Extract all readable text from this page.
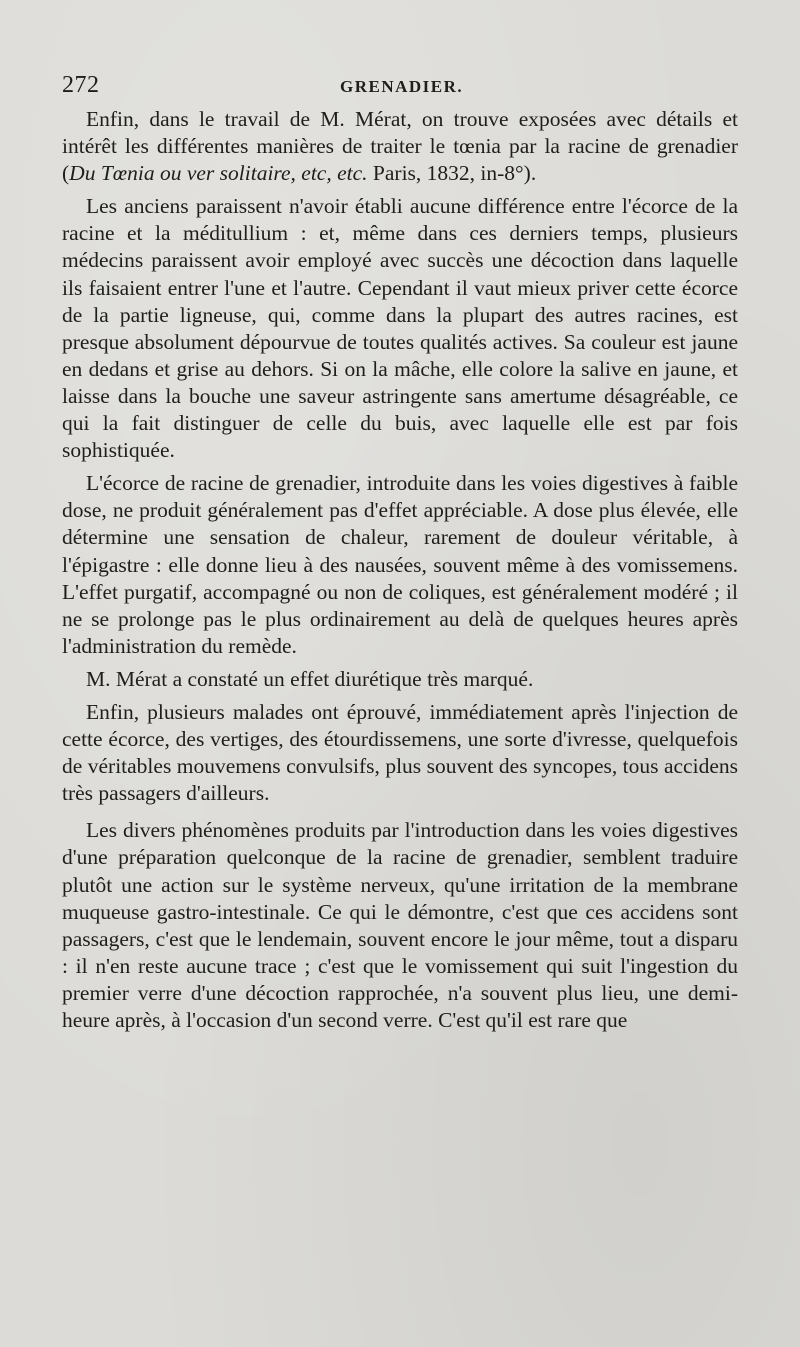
272	GRENADIER.

Enfin, dans le travail de M. Mérat, on trouve exposées avec détails et intérêt les différentes manières de traiter le tœnia par la racine de grenadier (Du Tœnia ou ver solitaire, etc, etc. Paris, 1832, in-8°).

Les anciens paraissent n'avoir établi aucune différence entre l'écorce de la racine et la méditullium : et, même dans ces derniers temps, plusieurs médecins paraissent avoir employé avec succès une décoction dans laquelle ils faisaient entrer l'une et l'autre. Cependant il vaut mieux priver cette écorce de la partie ligneuse, qui, comme dans la plupart des autres racines, est presque absolument dépourvue de toutes qualités actives. Sa couleur est jaune en dedans et grise au dehors. Si on la mâche, elle colore la salive en jaune, et laisse dans la bouche une saveur astringente sans amertume désagréable, ce qui la fait distinguer de celle du buis, avec laquelle elle est par fois sophistiquée.

L'écorce de racine de grenadier, introduite dans les voies digestives à faible dose, ne produit généralement pas d'effet appréciable. A dose plus élevée, elle détermine une sensation de chaleur, rarement de douleur véritable, à l'épigastre : elle donne lieu à des nausées, souvent même à des vomissemens. L'effet purgatif, accompagné ou non de coliques, est généralement modéré ; il ne se prolonge pas le plus ordinairement au delà de quelques heures après l'administration du remède.

M. Mérat a constaté un effet diurétique très marqué.

Enfin, plusieurs malades ont éprouvé, immédiatement après l'injection de cette écorce, des vertiges, des étourdissemens, une sorte d'ivresse, quelquefois de véritables mouvemens convulsifs, plus souvent des syncopes, tous accidens très passagers d'ailleurs.

Les divers phénomènes produits par l'introduction dans les voies digestives d'une préparation quelconque de la racine de grenadier, semblent traduire plutôt une action sur le système nerveux, qu'une irritation de la membrane muqueuse gastro-intestinale. Ce qui le démontre, c'est que ces accidens sont passagers, c'est que le lendemain, souvent encore le jour même, tout a disparu : il n'en reste aucune trace ; c'est que le vomissement qui suit l'ingestion du premier verre d'une décoction rapprochée, n'a souvent plus lieu, une demi-heure après, à l'occasion d'un second verre. C'est qu'il est rare que
